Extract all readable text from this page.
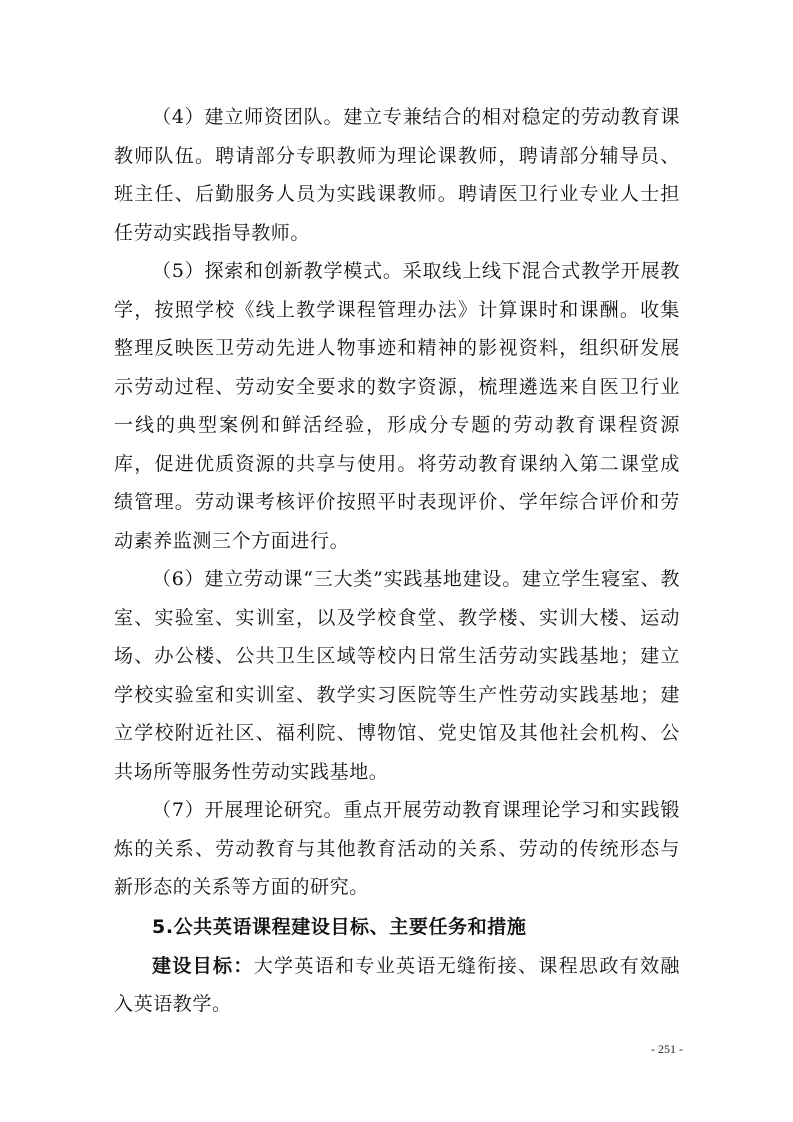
（4）建立师资团队。建立专兼结合的相对稳定的劳动教育课教师队伍。聘请部分专职教师为理论课教师，聘请部分辅导员、班主任、后勤服务人员为实践课教师。聘请医卫行业专业人士担任劳动实践指导教师。

（5）探索和创新教学模式。采取线上线下混合式教学开展教学，按照学校《线上教学课程管理办法》计算课时和课酬。收集整理反映医卫劳动先进人物事迹和精神的影视资料，组织研发展示劳动过程、劳动安全要求的数字资源，梳理遴选来自医卫行业一线的典型案例和鲜活经验，形成分专题的劳动教育课程资源库，促进优质资源的共享与使用。将劳动教育课纳入第二课堂成绩管理。劳动课考核评价按照平时表现评价、学年综合评价和劳动素养监测三个方面进行。

（6）建立劳动课“三大类”实践基地建设。建立学生寝室、教室、实验室、实训室，以及学校食堂、教学楼、实训大楼、运动场、办公楼、公共卫生区域等校内日常生活劳动实践基地；建立学校实验室和实训室、教学实习医院等生产性劳动实践基地；建立学校附近社区、福利院、博物馆、党史馆及其他社会机构、公共场所等服务性劳动实践基地。

（7）开展理论研究。重点开展劳动教育课理论学习和实践锻炼的关系、劳动教育与其他教育活动的关系、劳动的传统形态与新形态的关系等方面的研究。

5.公共英语课程建设目标、主要任务和措施

建设目标：大学英语和专业英语无缝衔接、课程思政有效融入英语教学。

- 251 -
